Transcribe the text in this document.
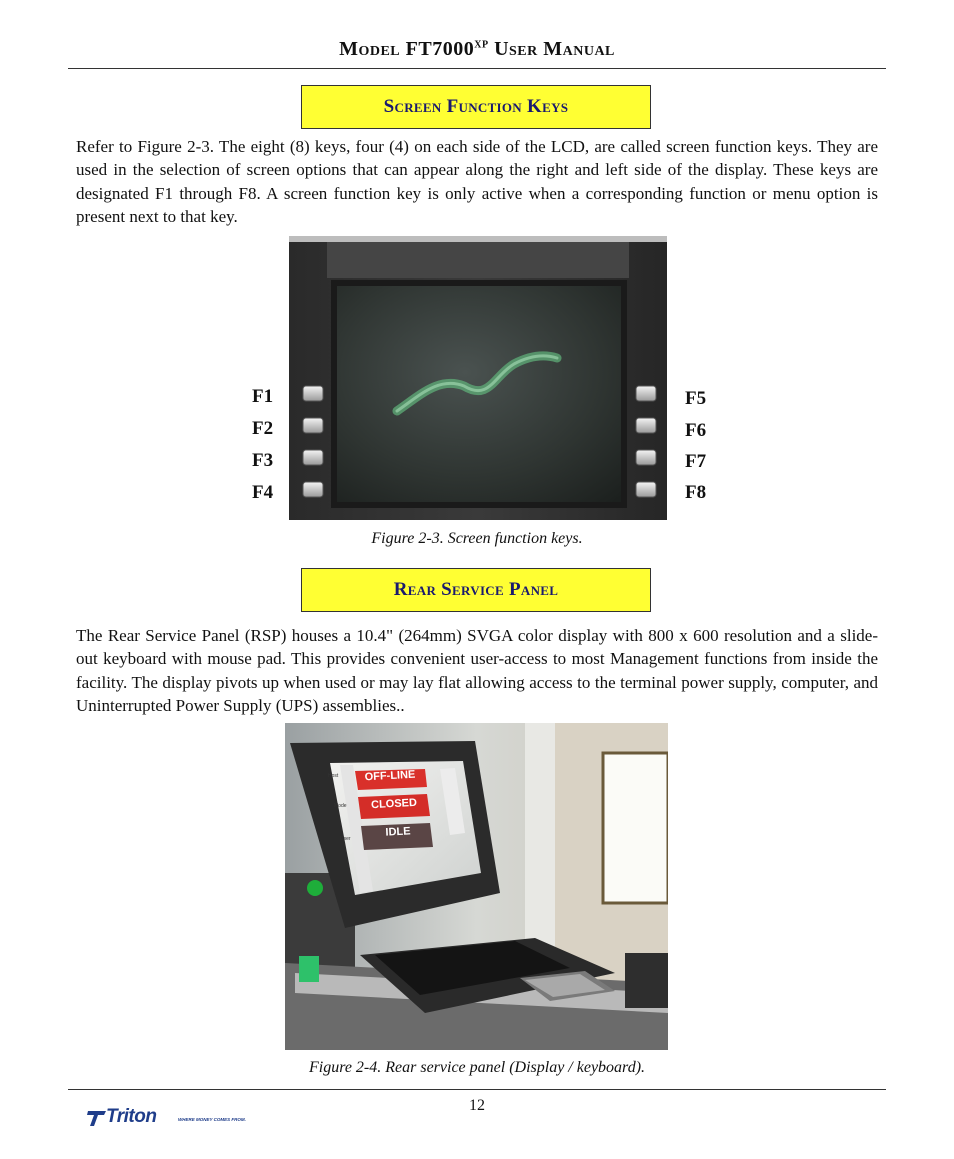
Model $FT7000^{XP}$ User Manual
Screen Function Keys
Refer to Figure 2-3. The eight (8) keys, four (4) on each side of the LCD, are called screen function keys. They are used in the selection of screen options that can appear along the right and left side of the display. These keys are designated F1 through F8. A screen function key is only active when a corresponding function or menu option is present next to that key.
F1
F2
F3
F4
F5
F6
F7
F8
Figure 2-3. Screen function keys.
Rear Service Panel
The Rear Service Panel (RSP) houses a 10.4" (264mm) SVGA color display with 800 x 600 resolution and a slide-out keyboard with mouse pad. This provides convenient user-access to most Management functions from inside the facility. The display pivots up when used or may lay flat allowing access to the terminal power supply, computer, and Uninterrupted Power Supply (UPS) assemblies..
OFF-LINE
CLOSED
IDLE
Host
Mode
User
Figure 2-4. Rear service panel (Display / keyboard).
12
Triton	WHERE MONEY COMES FROM.
